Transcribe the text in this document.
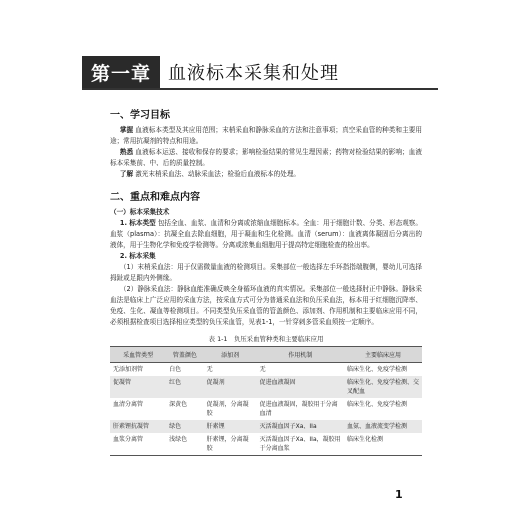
第一章 血液标本采集和处理
一、学习目标

掌握 血液标本类型及其应用范围；末梢采血和静脉采血的方法和注意事项；真空采血管的种类和主要用途；常用抗凝剂的特点和用途。

熟悉 血液标本运送、接收和保存的要求；影响检验结果的常见生理因素；药物对检验结果的影响；血液标本采集前、中、后的质量控制。

了解 激光末梢采血法、动脉采血法；检验后血液标本的处理。

二、重点和难点内容
（一）标本采集技术

1. 标本类型 包括全血、血浆、血清和分离或浓缩血细胞标本。全血：用于细胞计数、分类、形态观察。血浆（plasma）：抗凝全血去除血细胞，用于凝血和生化检测。血清（serum）：血液离体凝固后分离出的液体，用于生物化学和免疫学检测等。分离或浓集血细胞用于提高特定细胞检查的检出率。

2. 标本采集

（1）末梢采血法：用于仅需微量血液的检测项目。采集部位一般选择左手环指指端腹侧，婴幼儿可选择拇趾或足跟内外侧缘。

（2）静脉采血法：静脉血能准确反映全身循环血液的真实情况。采集部位一般选择肘正中静脉。静脉采血法是临床上广泛应用的采血方法，按采血方式可分为普通采血法和负压采血法，标本用于红细胞沉降率、免疫、生化、凝血等检测项目。不同类型负压采血管的管盖颜色、添加剂、作用机制和主要临床应用不同，必须根据检查项目选择相应类型的负压采血管，见表1-1，一针穿刺多管采血须按一定顺序。

表 1-1　负压采血管种类和主要临床应用
采血管类型	管盖颜色	添加剂	作用机制	主要临床应用
无添加剂管	白色	无	无	临床生化、免疫学检测
促凝管	红色	促凝剂	促进血液凝固	临床生化、免疫学检测、交叉配血
血清分离管	深黄色	促凝剂，分离凝胶	促进血液凝固，凝胶用于分离血清	临床生化、免疫学检测
肝素锂抗凝管	绿色	肝素锂	灭活凝血因子Xa、IIa	血氨、血液流变学检测
血浆分离管	浅绿色	肝素锂，分离凝胶	灭活凝血因子Xa、IIa，凝胶用于分离血浆	临床生化检测
1
